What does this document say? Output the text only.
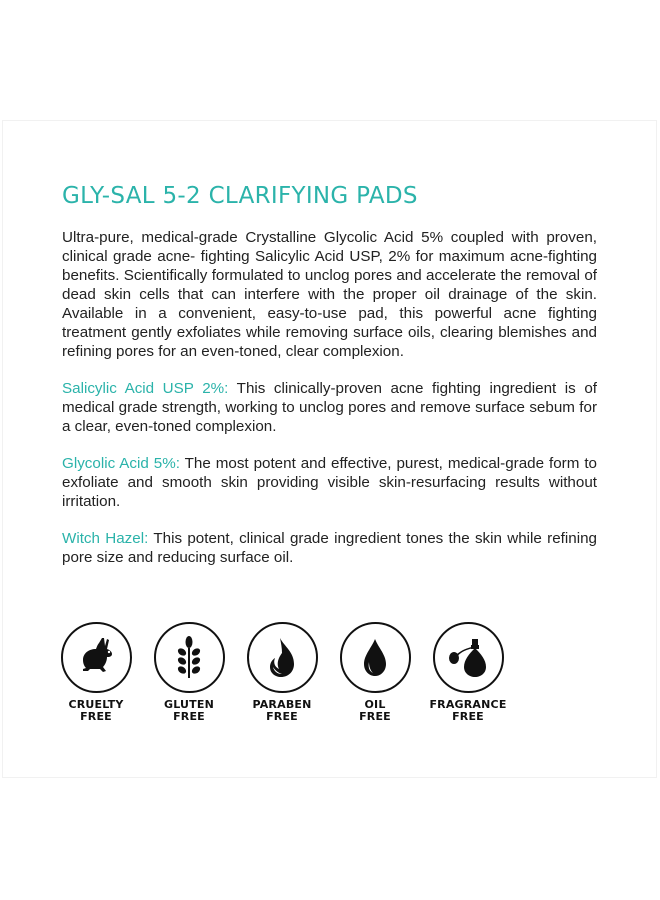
GLY-SAL 5-2 CLARIFYING PADS

Ultra-pure, medical-grade Crystalline Glycolic Acid 5% coupled with proven, clinical grade acne- fighting Salicylic Acid USP, 2% for maximum acne-fighting benefits. Scientifically formulated to unclog pores and accelerate the removal of dead skin cells that can interfere with the proper oil drainage of the skin. Available in a convenient, easy-to-use pad, this powerful acne fighting treatment gently exfoliates while removing surface oils, clearing blemishes and refining pores for an even-toned, clear complexion.

Salicylic Acid USP 2%: This clinically-proven acne fighting ingredient is of medical grade strength, working to unclog pores and remove surface sebum for a clear, even-toned complexion.

Glycolic Acid 5%: The most potent and effective, purest, medical-grade form to exfoliate and smooth skin providing visible skin-resurfacing results without irritation.

Witch Hazel: This potent, clinical grade ingredient tones the skin while refining pore size and reducing surface oil.

CRUELTY
FREE
GLUTEN
FREE
PARABEN
FREE
OIL
FREE
FRAGRANCE
FREE
